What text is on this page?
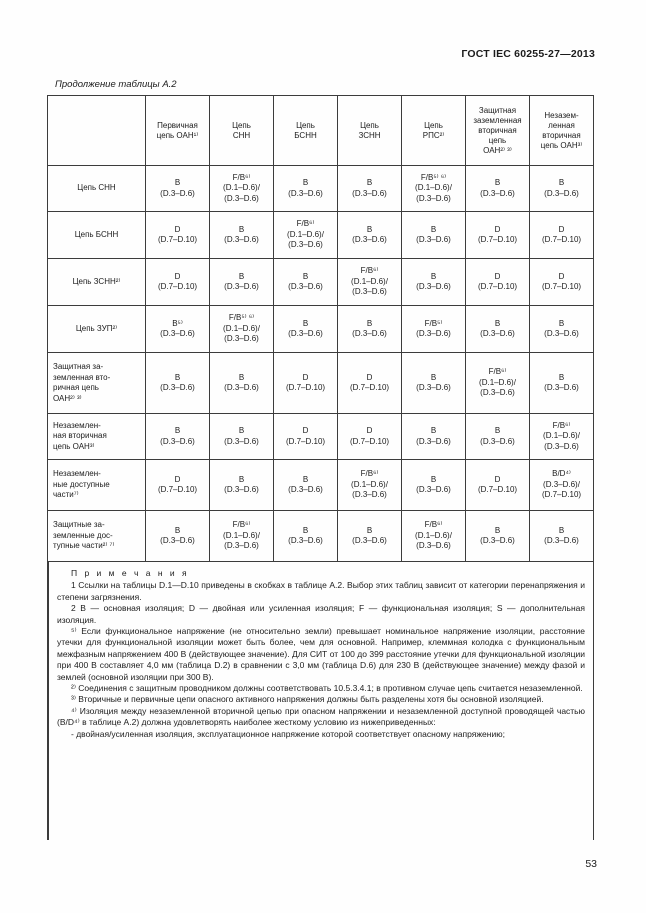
ГОСТ IEC 60255-27—2013
Продолжение таблицы А.2
Первичная
цепь ОАН¹⁾
Цепь
СНН
Цепь
БСНН
Цепь
ЗСНН
Цепь
РПС²⁾
Защитная
заземленная
вторичная
цепь
ОАН²⁾ ³⁾
Незазем-
ленная
вторичная
цепь ОАН³⁾
Цепь СНН
B
(D.3–D.6)
F/B⁶⁾
(D.1–D.6)/
(D.3–D.6)
B
(D.3–D.6)
B
(D.3–D.6)
F/B⁵⁾ ⁶⁾
(D.1–D.6)/
(D.3–D.6)
B
(D.3–D.6)
B
(D.3–D.6)
Цепь БСНН
D
(D.7–D.10)
B
(D.3–D.6)
F/B⁶⁾
(D.1–D.6)/
(D.3–D.6)
B
(D.3–D.6)
B
(D.3–D.6)
D
(D.7–D.10)
D
(D.7–D.10)
Цепь ЗСНН²⁾
D
(D.7–D.10)
B
(D.3–D.6)
B
(D.3–D.6)
F/B⁶⁾
(D.1–D.6)/
(D.3–D.6)
B
(D.3–D.6)
D
(D.7–D.10)
D
(D.7–D.10)
Цепь ЗУП²⁾
B⁵⁾
(D.3–D.6)
F/B⁵⁾ ⁶⁾
(D.1–D.6)/
(D.3–D.6)
B
(D.3–D.6)
B
(D.3–D.6)
F/B⁵⁾
(D.3–D.6)
B
(D.3–D.6)
B
(D.3–D.6)
Защитная за-
земленная вто-
ричная цепь
ОАН²⁾ ³⁾
B
(D.3–D.6)
B
(D.3–D.6)
D
(D.7–D.10)
D
(D.7–D.10)
B
(D.3–D.6)
F/B⁶⁾
(D.1–D.6)/
(D.3–D.6)
B
(D.3–D.6)
Незаземлен-
ная вторичная
цепь ОАН³⁾
B
(D.3–D.6)
B
(D.3–D.6)
D
(D.7–D.10)
D
(D.7–D.10)
B
(D.3–D.6)
B
(D.3–D.6)
F/B⁶⁾
(D.1–D.6)/
(D.3–D.6)
Незаземлен-
ные доступные
части⁷⁾
D
(D.7–D.10)
B
(D.3–D.6)
B
(D.3–D.6)
F/B⁶⁾
(D.1–D.6)/
(D.3–D.6)
B
(D.3–D.6)
D
(D.7–D.10)
B/D⁴⁾
(D.3–D.6)/
(D.7–D.10)
Защитные за-
земленные дос-
тупные части²⁾ ⁷⁾
B
(D.3–D.6)
F/B⁶⁾
(D.1–D.6)/
(D.3–D.6)
B
(D.3–D.6)
B
(D.3–D.6)
F/B⁶⁾
(D.1–D.6)/
(D.3–D.6)
B
(D.3–D.6)
B
(D.3–D.6)
П р и м е ч а н и я
1 Ссылки на таблицы D.1—D.10 приведены в скобках в таблице А.2. Выбор этих таблиц зависит от категории перенапряжения и степени загрязнения.
2 B — основная изоляция; D — двойная или усиленная изоляция; F — функциональная изоляция; S — дополнительная изоляция.
⁵⁾ Если функциональное напряжение (не относительно земли) превышает номинальное напряжение изоляции, расстояние утечки для функциональной изоляции может быть более, чем для основной. Например, клеммная колодка с функциональным межфазным напряжением 400 В (действующее значение). Для СИТ от 100 до 399 расстояние утечки для функциональной изоляции при 400 В составляет 4,0 мм (таблица D.2) в сравнении с 3,0 мм (таблица D.6) для 230 В (действующее значение) между фазой и землей (основной изоляции при 300 В).
²⁾ Соединения с защитным проводником должны соответствовать 10.5.3.4.1; в противном случае цепь считается незаземленной.
³⁾ Вторичные и первичные цепи опасного активного напряжения должны быть разделены хотя бы основной изоляцией.
⁴⁾ Изоляция между незаземленной вторичной цепью при опасном напряжении и незаземленной доступной проводящей частью (B/D⁴⁾ в таблице А.2) должна удовлетворять наиболее жесткому условию из нижеприведенных:
- двойная/усиленная изоляция, эксплуатационное напряжение которой соответствует опасному напряжению;
53
